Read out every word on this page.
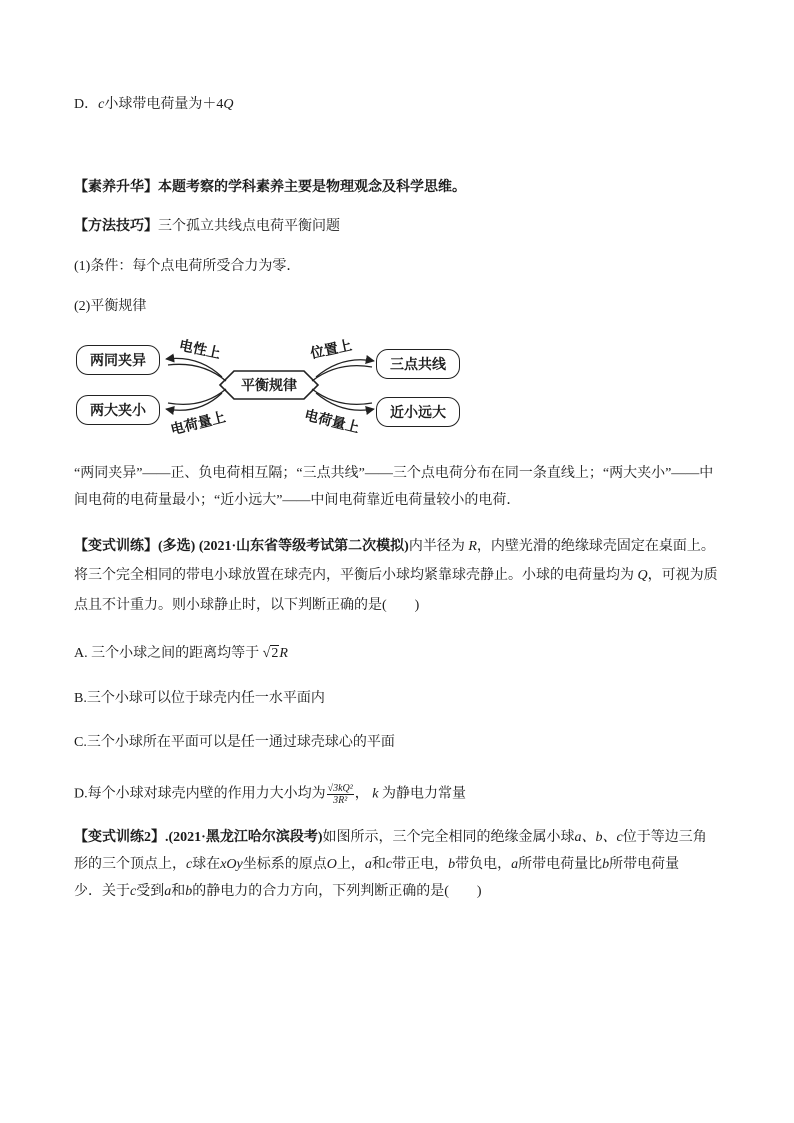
D．c小球带电荷量为＋4Q
【素养升华】本题考察的学科素养主要是物理观念及科学思维。
【方法技巧】三个孤立共线点电荷平衡问题
(1)条件：每个点电荷所受合力为零．
(2)平衡规律
平衡规律
两同夹异
两大夹小
三点共线
近小远大
电性上
电荷量上
位置上
电荷量上
“两同夹异”——正、负电荷相互隔；“三点共线”——三个点电荷分布在同一条直线上；“两大夹小”——中
间电荷的电荷量最小；“近小远大”——中间电荷靠近电荷量较小的电荷．
【变式训练】(多选) (2021·山东省等级考试第二次模拟)内半径为 R，内壁光滑的绝缘球壳固定在桌面上。
将三个完全相同的带电小球放置在球壳内，平衡后小球均紧靠球壳静止。小球的电荷量均为 Q，可视为质
点且不计重力。则小球静止时，以下判断正确的是(　　)
A. 三个小球之间的距离均等于 √2R
B.三个小球可以位于球壳内任一水平面内
C.三个小球所在平面可以是任一通过球壳球心的平面
D.每个小球对球壳内壁的作用力大小均为 $\frac{\text{√3kQ²}}{\text{3R²}}$ ， k 为静电力常量
【变式训练2】.(2021·黑龙江哈尔滨段考)如图所示，三个完全相同的绝缘金属小球a、b、c位于等边三角
形的三个顶点上，c球在xOy坐标系的原点O上，a和c带正电，b带负电，a所带电荷量比b所带电荷量
少．关于c受到a和b的静电力的合力方向，下列判断正确的是(　　)
